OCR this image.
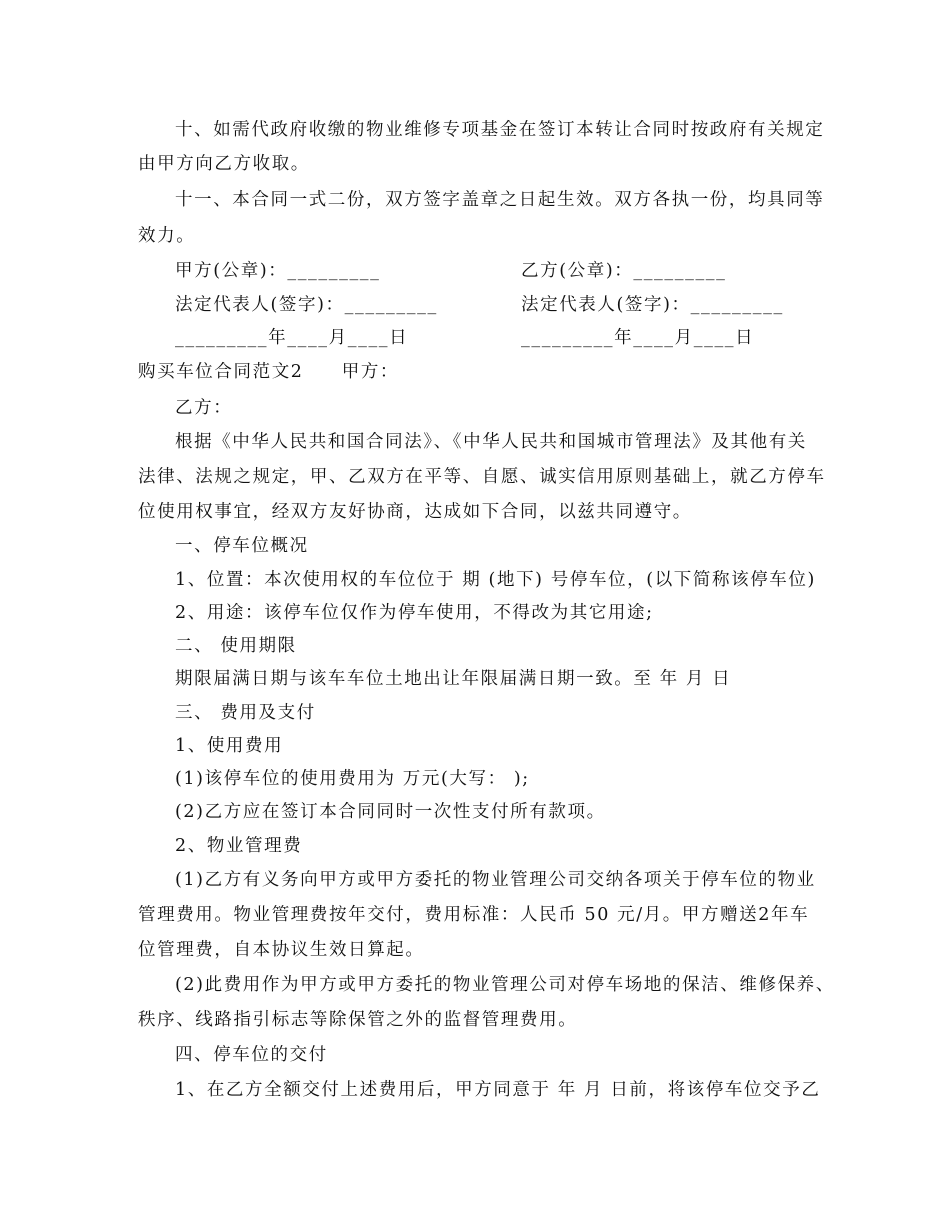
十、如需代政府收缴的物业维修专项基金在签订本转让合同时按政府有关规定

由甲方向乙方收取。

十一、本合同一式二份，双方签字盖章之日起生效。双方各执一份，均具同等

效力。

甲方(公章)：_________	乙方(公章)：_________

法定代表人(签字)：_________	法定代表人(签字)：_________

_________年____月____日	_________年____月____日

购买车位合同范文2　　甲方：

乙方：

根据《中华人民共和国合同法》、《中华人民共和国城市管理法》及其他有关

法律、法规之规定，甲、乙双方在平等、自愿、诚实信用原则基础上，就乙方停车

位使用权事宜，经双方友好协商，达成如下合同，以兹共同遵守。

一、停车位概况

1、位置：本次使用权的车位位于 期 (地下) 号停车位，(以下简称该停车位)

2、用途：该停车位仅作为停车使用，不得改为其它用途;

二、 使用期限

期限届满日期与该车车位土地出让年限届满日期一致。至 年 月 日

三、 费用及支付

1、使用费用

(1)该停车位的使用费用为 万元(大写： );

(2)乙方应在签订本合同同时一次性支付所有款项。

2、物业管理费

(1)乙方有义务向甲方或甲方委托的物业管理公司交纳各项关于停车位的物业

管理费用。物业管理费按年交付，费用标准：人民币 50 元/月。甲方赠送2年车

位管理费，自本协议生效日算起。

(2)此费用作为甲方或甲方委托的物业管理公司对停车场地的保洁、维修保养、

秩序、线路指引标志等除保管之外的监督管理费用。

四、停车位的交付

1、在乙方全额交付上述费用后，甲方同意于 年 月 日前，将该停车位交予乙
